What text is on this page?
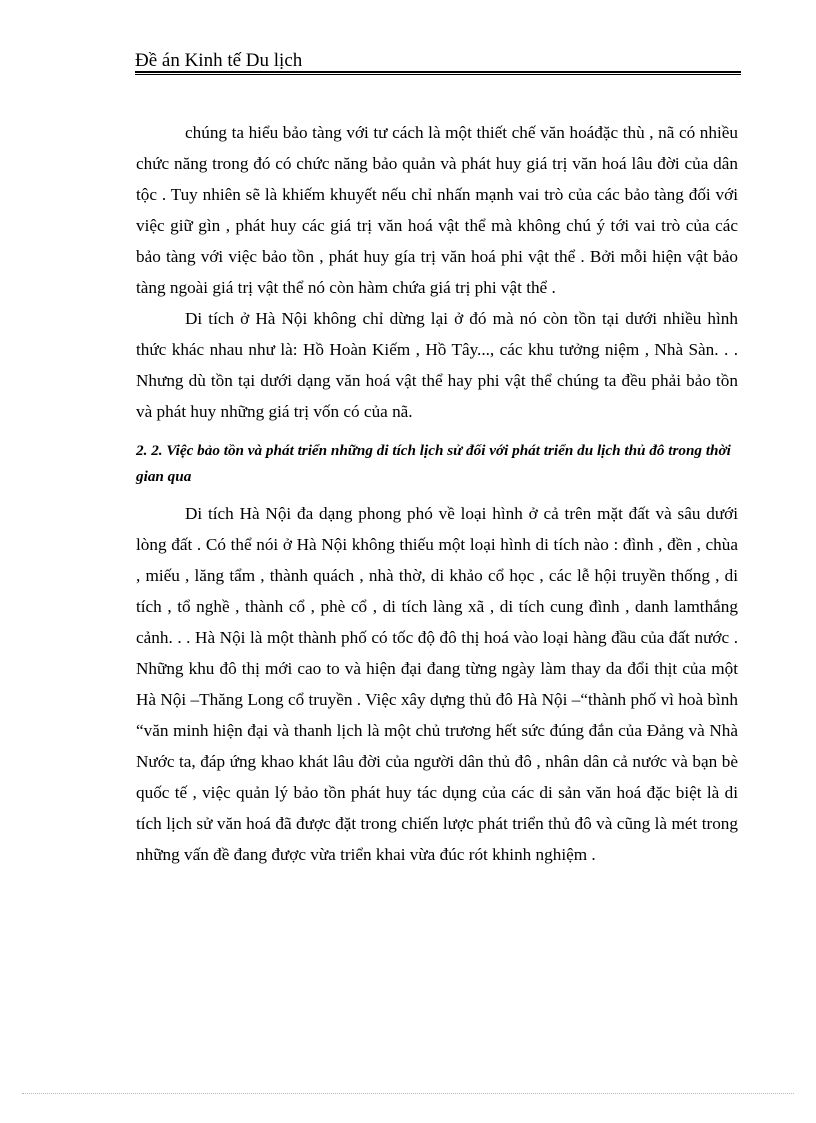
Đề án Kinh tế Du lịch

chúng ta hiểu bảo tàng với tư cách là một thiết chế văn hoáđặc thù , nã có nhiều chức năng trong đó có chức năng bảo quản và phát huy giá trị văn hoá lâu đời của dân tộc . Tuy nhiên sẽ là khiếm khuyết nếu chỉ nhấn mạnh vai trò của các bảo tàng đối với việc giữ gìn , phát huy các giá trị văn hoá vật thể mà không chú ý tới vai trò của các bảo tàng với việc bảo tồn , phát huy gía trị văn hoá phi vật thể . Bởi mỗi hiện vật bảo tàng ngoài giá trị vật thể nó còn hàm chứa giá trị phi vật thể .

Di tích ở Hà Nội không chỉ dừng lại ở đó mà nó còn tồn tại dưới nhiều hình thức khác nhau như là: Hồ Hoàn Kiếm , Hồ Tây..., các khu tưởng niệm , Nhà Sàn. . . Nhưng dù tồn tại dưới dạng văn hoá vật thể hay phi vật thể chúng ta đều phải bảo tồn và phát huy những giá trị vốn có của nã.

2. 2. Việc bảo tồn và phát triển những di tích lịch sử đối với phát triển du lịch thủ đô trong thời gian qua

Di tích Hà Nội đa dạng phong phó về loại hình ở cả trên mặt đất và sâu dưới lòng đất . Có thể nói ở Hà Nội không thiếu một loại hình di tích nào : đình , đền , chùa , miếu , lăng tẩm , thành quách , nhà thờ, di khảo cổ học , các lễ hội truyền thống , di tích , tổ nghề , thành cổ , phè cổ , di tích làng xã , di tích cung đình , danh lamthắng cảnh. . . Hà Nội là một thành phố có tốc độ đô thị hoá vào loại hàng đầu của đất nước . Những khu đô thị mới cao to và hiện đại đang từng ngày làm thay da đổi thịt của một Hà Nội –Thăng Long cổ truyền . Việc xây dựng thủ đô Hà Nội –“thành phố vì hoà bình “văn minh hiện đại và thanh lịch là một chủ trương hết sức đúng đắn của Đảng và Nhà Nước ta, đáp ứng khao khát lâu đời của người dân thủ đô , nhân dân cả nước và bạn bè quốc tế , việc quản lý bảo tồn phát huy tác dụng của các di sản văn hoá đặc biệt là di tích lịch sử văn hoá đã được đặt trong chiến lược phát triển thủ đô và cũng là mét trong những vấn đề đang được vừa triển khai vừa đúc rót khinh nghiệm .
